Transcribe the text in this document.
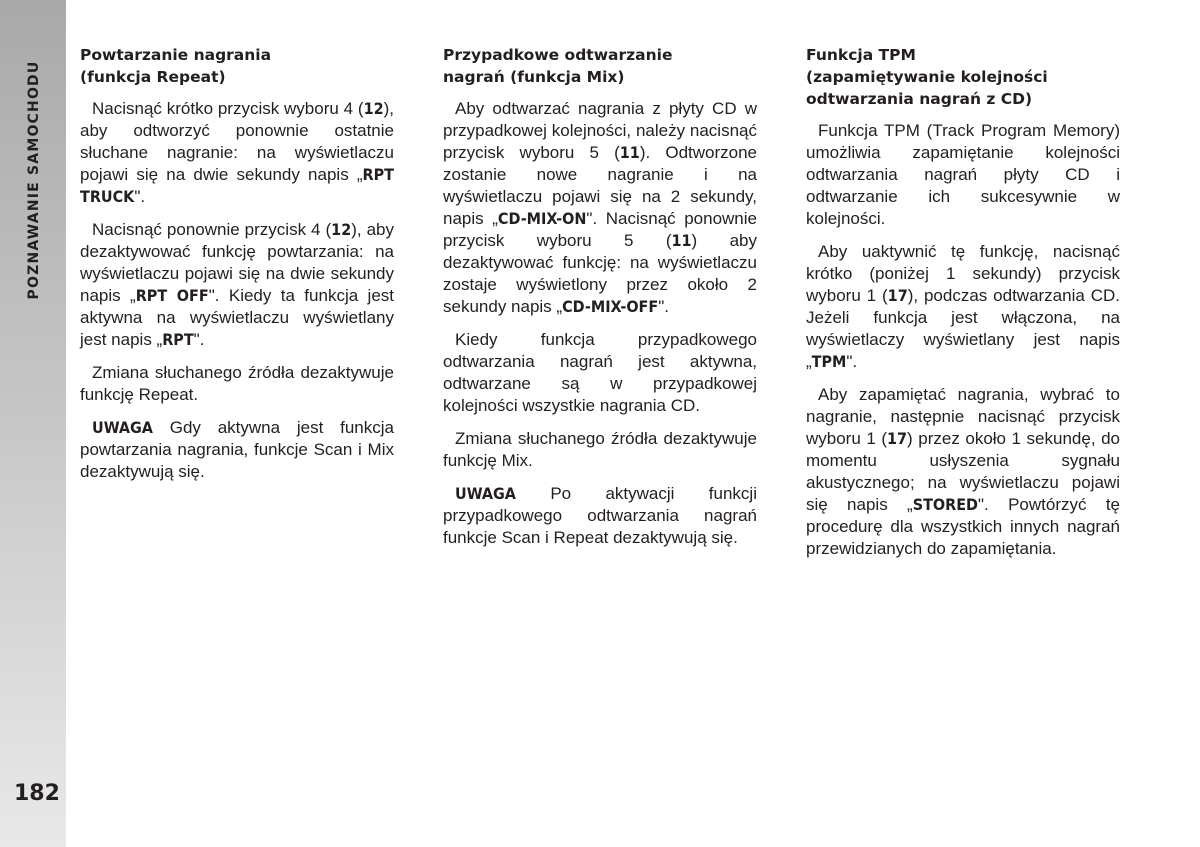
POZNAWANIE SAMOCHODU
182
Powtarzanie nagrania
(funkcja Repeat)

Nacisnąć krótko przycisk wyboru 4 (12), aby odtworzyć ponownie ostatnie słuchane nagranie: na wyświetlaczu pojawi się na dwie sekundy napis „RPT TRUCK".

Nacisnąć ponownie przycisk 4 (12), aby dezaktywować funkcję powtarzania: na wyświetlaczu pojawi się na dwie sekundy napis „RPT OFF". Kiedy ta funkcja jest aktywna na wyświetlaczu wyświetlany jest napis „RPT".

Zmiana słuchanego źródła dezaktywuje funkcję Repeat.

UWAGA Gdy aktywna jest funkcja powtarzania nagrania, funkcje Scan i Mix dezaktywują się.

Przypadkowe odtwarzanie
nagrań (funkcja Mix)

Aby odtwarzać nagrania z płyty CD w przypadkowej kolejności, należy nacisnąć przycisk wyboru 5 (11). Odtworzone zostanie nowe nagranie i na wyświetlaczu pojawi się na 2 sekundy, napis „CD-MIX-ON". Nacisnąć ponownie przycisk wyboru 5 (11) aby dezaktywować funkcję: na wyświetlaczu zostaje wyświetlony przez około 2 sekundy napis „CD-MIX-OFF".

Kiedy funkcja przypadkowego odtwarzania nagrań jest aktywna, odtwarzane są w przypadkowej kolejności wszystkie nagrania CD.

Zmiana słuchanego źródła dezaktywuje funkcję Mix.

UWAGA Po aktywacji funkcji przypadkowego odtwarzania nagrań funkcje Scan i Repeat dezaktywują się.

Funkcja TPM
(zapamiętywanie kolejności
odtwarzania nagrań z CD)

Funkcja TPM (Track Program Memory) umożliwia zapamiętanie kolejności odtwarzania nagrań płyty CD i odtwarzanie ich sukcesywnie w kolejności.

Aby uaktywnić tę funkcję, nacisnąć krótko (poniżej 1 sekundy) przycisk wyboru 1 (17), podczas odtwarzania CD. Jeżeli funkcja jest włączona, na wyświetlaczy wyświetlany jest napis „TPM".

Aby zapamiętać nagrania, wybrać to nagranie, następnie nacisnąć przycisk wyboru 1 (17) przez około 1 sekundę, do momentu usłyszenia sygnału akustycznego; na wyświetlaczu pojawi się napis „STORED". Powtórzyć tę procedurę dla wszystkich innych nagrań przewidzianych do zapamiętania.
